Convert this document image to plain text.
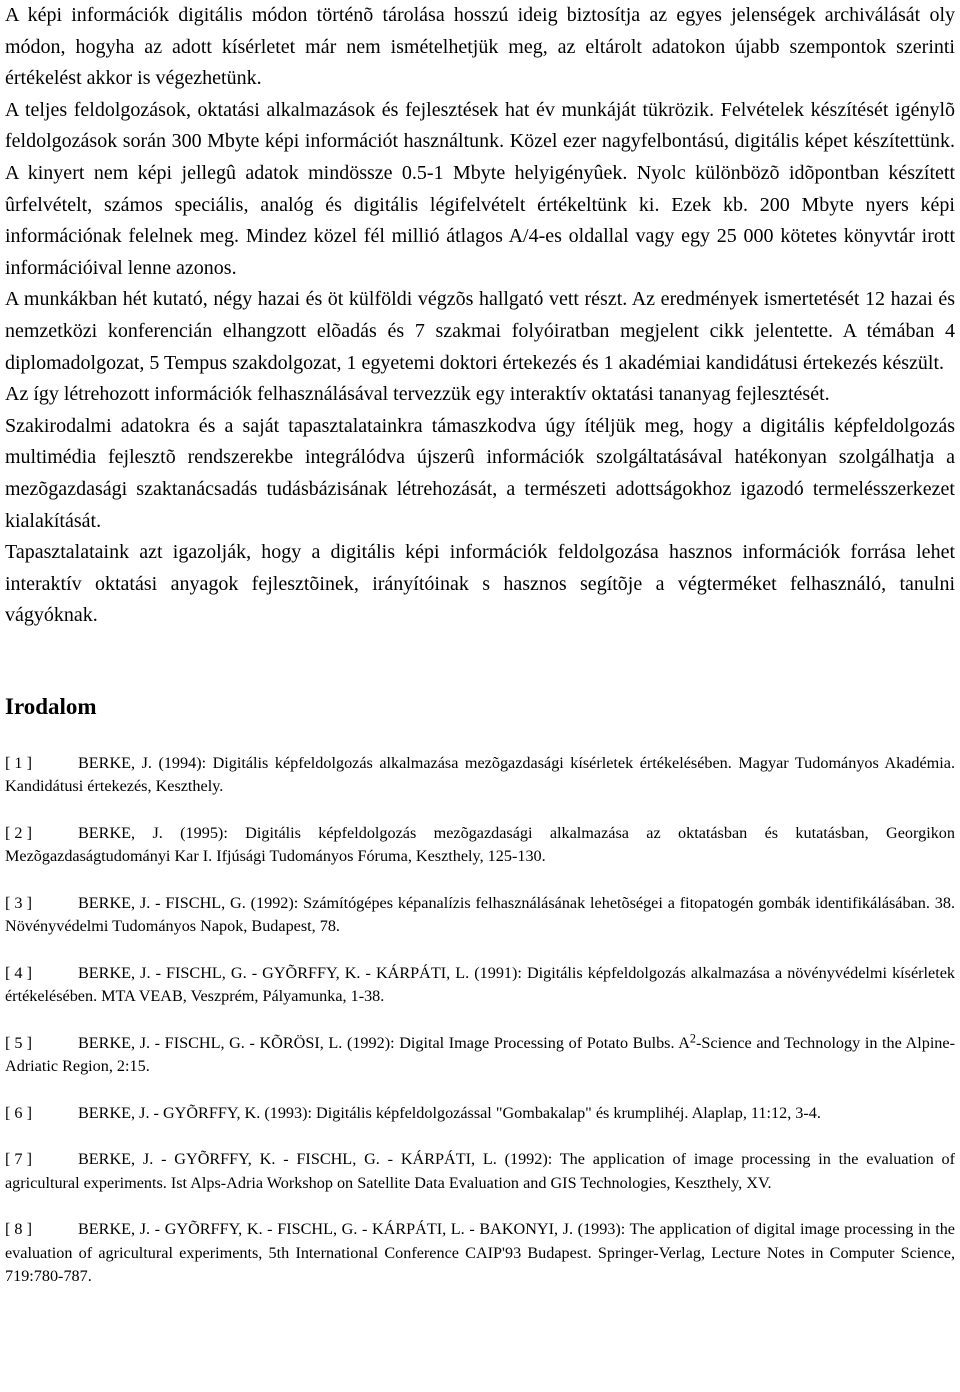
A képi információk digitális módon történõ tárolása hosszú ideig biztosítja az egyes jelenségek archiválását oly módon, hogyha az adott kísérletet már nem ismételhetjük meg, az eltárolt adatokon újabb szempontok szerinti értékelést akkor is végezhetünk.

A teljes feldolgozások, oktatási alkalmazások és fejlesztések hat év munkáját tükrözik. Felvételek készítését igénylõ feldolgozások során 300 Mbyte képi információt használtunk. Közel ezer nagyfelbontású, digitális képet készítettünk. A kinyert nem képi jellegû adatok mindössze 0.5-1 Mbyte helyigényûek. Nyolc különbözõ idõpontban készített ûrfelvételt, számos speciális, analóg és digitális légifelvételt értékeltünk ki. Ezek kb. 200 Mbyte nyers képi információnak felelnek meg. Mindez közel fél millió átlagos A/4-es oldallal vagy egy 25 000 kötetes könyvtár irott információival lenne azonos.

A munkákban hét kutató, négy hazai és öt külföldi végzõs hallgató vett részt. Az eredmények ismertetését 12 hazai és nemzetközi konferencián elhangzott elõadás és 7 szakmai folyóiratban megjelent cikk jelentette. A témában 4 diplomadolgozat, 5 Tempus szakdolgozat, 1 egyetemi doktori értekezés és 1 akadémiai kandidátusi értekezés készült.

Az így létrehozott információk felhasználásával tervezzük egy interaktív oktatási tananyag fejlesztését.

Szakirodalmi adatokra és a saját tapasztalatainkra támaszkodva úgy ítéljük meg, hogy a digitális képfeldolgozás multimédia fejlesztõ rendszerekbe integrálódva újszerû információk szolgáltatásával hatékonyan szolgálhatja a mezõgazdasági szaktanácsadás tudásbázisának létrehozását, a természeti adottságokhoz igazodó termelésszerkezet kialakítását.

Tapasztalataink azt igazolják, hogy a digitális képi információk feldolgozása hasznos információk forrása lehet interaktív oktatási anyagok fejlesztõinek, irányítóinak s hasznos segítõje a végterméket felhasználó, tanulni vágyóknak.

Irodalom
[ 1 ]	BERKE, J. (1994): Digitális képfeldolgozás alkalmazása mezõgazdasági kísérletek értékelésében. Magyar Tudományos Akadémia. Kandidátusi értekezés, Keszthely.
[ 2 ]	BERKE, J. (1995): Digitális képfeldolgozás mezõgazdasági alkalmazása az oktatásban és kutatásban, Georgikon Mezõgazdaságtudományi Kar I. Ifjúsági Tudományos Fóruma, Keszthely, 125-130.
[ 3 ]	BERKE, J. - FISCHL, G. (1992): Számítógépes képanalízis felhasználásának lehetõségei a fitopatogén gombák identifikálásában. 38. Növényvédelmi Tudományos Napok, Budapest, 78.
[ 4 ]	BERKE, J. - FISCHL, G. - GYÕRFFY, K. - KÁRPÁTI, L. (1991): Digitális képfeldolgozás alkalmazása a növényvédelmi kísérletek értékelésében. MTA VEAB, Veszprém, Pályamunka, 1-38.
[ 5 ]	BERKE, J. - FISCHL, G. - KÕRÖSI, L. (1992): Digital Image Processing of Potato Bulbs. $A^2$-Science and Technology in the Alpine-Adriatic Region, 2:15.
[ 6 ]	BERKE, J. - GYÕRFFY, K. (1993): Digitális képfeldolgozással "Gombakalap" és krumplihéj. Alaplap, 11:12, 3-4.
[ 7 ]	BERKE, J. - GYÕRFFY, K. - FISCHL, G. - KÁRPÁTI, L. (1992): The application of image processing in the evaluation of agricultural experiments. Ist Alps-Adria Workshop on Satellite Data Evaluation and GIS Technologies, Keszthely, XV.
[ 8 ]	BERKE, J. - GYÕRFFY, K. - FISCHL, G. - KÁRPÁTI, L. - BAKONYI, J. (1993): The application of digital image processing in the evaluation of agricultural experiments, 5th International Conference CAIP'93 Budapest. Springer-Verlag, Lecture Notes in Computer Science, 719:780-787.
